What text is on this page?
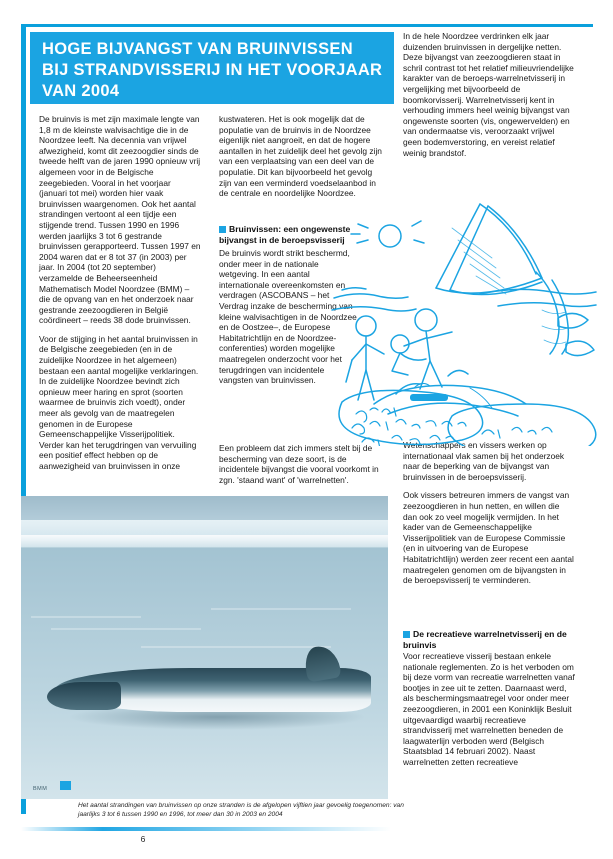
HOGE BIJVANGST VAN BRUINVISSEN
BIJ STRANDVISSERIJ IN HET VOORJAAR
VAN 2004

De bruinvis is met zijn maximale lengte van 1,8 m de kleinste walvisachtige die in de Noordzee leeft. Na decennia van vrijwel afwezigheid, komt dit zeezoogdier sinds de tweede helft van de jaren 1990 opnieuw vrij algemeen voor in de Belgische zeegebieden. Vooral in het voorjaar (januari tot mei) worden hier vaak bruinvissen waargenomen. Ook het aantal strandingen vertoont al een tijdje een stijgende trend. Tussen 1990 en 1996 werden jaarlijks 3 tot 6 gestrande bruinvissen gerapporteerd. Tussen 1997 en 2004 waren dat er 8 tot 37 (in 2003) per jaar. In 2004 (tot 20 september) verzamelde de Beheerseenheid Mathematisch Model Noordzee (BMM) – die de opvang van en het onderzoek naar gestrande zeezoogdieren in België coördineert – reeds 38 dode bruinvissen.

Voor de stijging in het aantal bruinvissen in de Belgische zeegebieden (en in de zuidelijke Noordzee in het algemeen) bestaan een aantal mogelijke verklaringen. In de zuidelijke Noordzee bevindt zich opnieuw meer haring en sprot (soorten waarmee de bruinvis zich voedt), onder meer als gevolg van de maatregelen genomen in de Europese Gemeenschappelijke Visserijpolitiek. Verder kan het terugdringen van vervuiling een positief effect hebben op de aanwezigheid van bruinvissen in onze

kustwateren. Het is ook mogelijk dat de populatie van de bruinvis in de Noordzee eigenlijk niet aangroeit, en dat de hogere aantallen in het zuidelijk deel het gevolg zijn van een verplaatsing van een deel van de populatie. Dit kan bijvoorbeeld het gevolg zijn van een verminderd voedselaanbod in de centrale en noordelijke Noordzee.

Bruinvissen: een ongewenste bijvangst in de beroepsvisserij

De bruinvis wordt strikt beschermd, onder meer in de nationale wetgeving. In een aantal internationale overeenkomsten en verdragen (ASCOBANS – het Verdrag inzake de bescherming van kleine walvisachtigen in de Noordzee en de Oostzee–, de Europese Habitatrichtlijn en de Noordzee-conferenties) worden mogelijke maatregelen onderzocht voor het terugdringen van incidentele vangsten van bruinvissen.

Een probleem dat zich immers stelt bij de bescherming van deze soort, is de incidentele bijvangst die vooral voorkomt in zgn. 'staand want' of 'warrelnetten'.

In de hele Noordzee verdrinken elk jaar duizenden bruinvissen in dergelijke netten. Deze bijvangst van zeezoogdieren staat in schril contrast tot het relatief milieuvriendelijke karakter van de beroeps-warrelnetvisserij in vergelijking met bijvoorbeeld de boomkorvisserij. Warrelnetvisserij kent in verhouding immers heel weinig bijvangst van ongewenste soorten (vis, ongewervelden) en van ondermaatse vis, veroorzaakt vrijwel geen bodemverstoring, en vereist relatief weinig brandstof.

Wetenschappers en vissers werken op internationaal vlak samen bij het onderzoek naar de beperking van de bijvangst van bruinvissen in de beroepsvisserij.

Ook vissers betreuren immers de vangst van zeezoogdieren in hun netten, en willen die dan ook zo veel mogelijk vermijden. In het kader van de Gemeenschappelijke Visserijpolitiek van de Europese Commissie (en in uitvoering van de Europese Habitatrichtlijn) werden zeer recent een aantal maatregelen genomen om de bijvangsten in de beroepsvisserij te verminderen.

De recreatieve warrelnetvisserij en de bruinvis

Voor recreatieve visserij bestaan enkele nationale reglementen. Zo is het verboden om bij deze vorm van recreatie warrelnetten vanaf bootjes in zee uit te zetten. Daarnaast werd, als beschermingsmaatregel voor onder meer zeezoogdieren, in 2001 een Koninklijk Besluit uitgevaardigd waarbij recreatieve strandvisserij met warrelnetten beneden de laagwaterlijn verboden werd (Belgisch Staatsblad 14 februari 2002). Naast warrelnetten zetten recreatieve

BMM
Het aantal strandingen van bruinvissen op onze stranden is de afgelopen vijftien jaar gevoelig toegenomen: van jaarlijks 3 tot 6 tussen 1990 en 1996, tot meer dan 30 in 2003 en 2004
6
